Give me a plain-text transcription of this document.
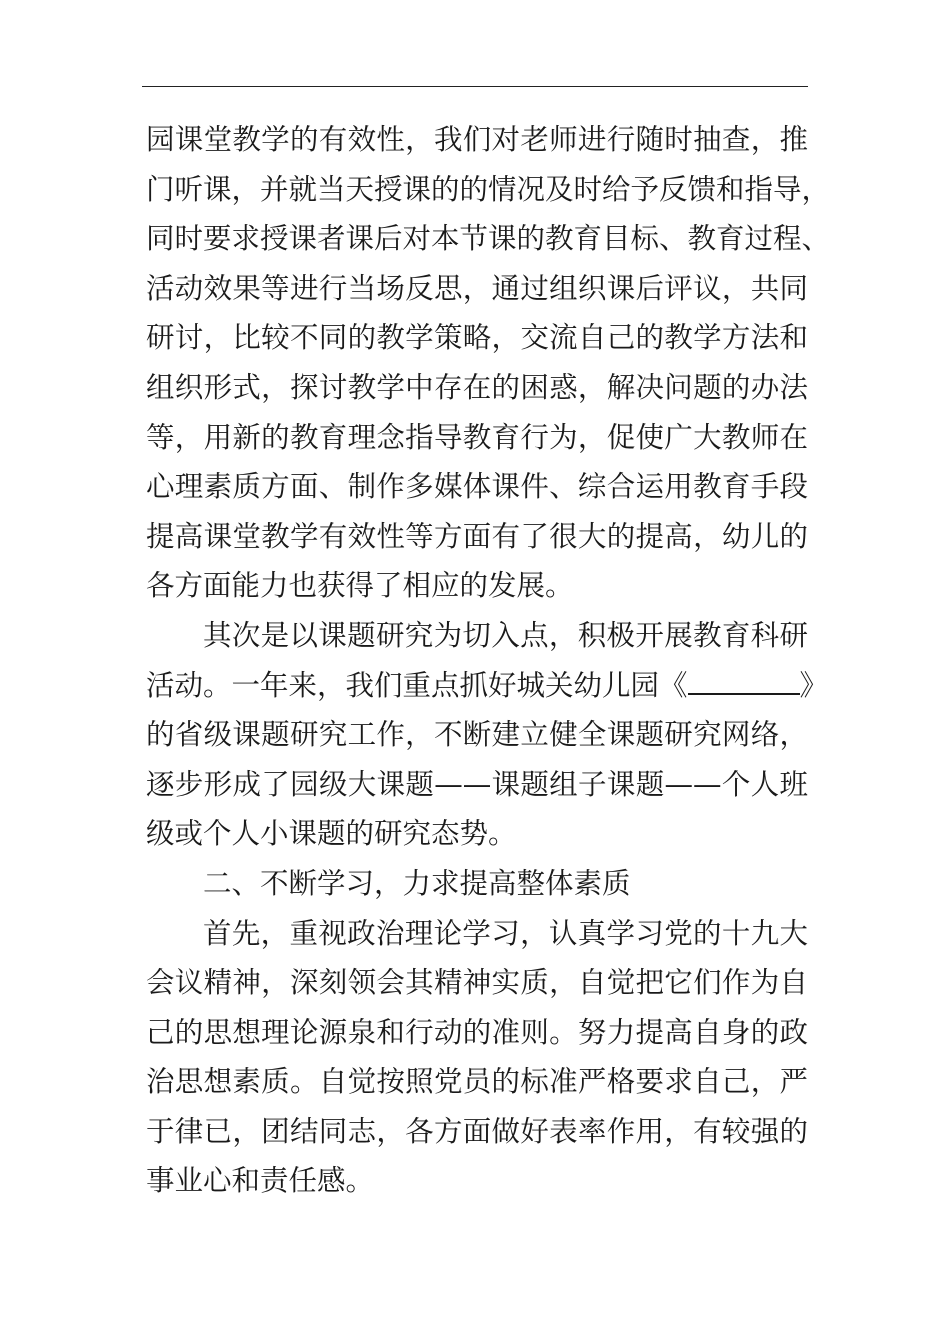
园课堂教学的有效性，我们对老师进行随时抽查，推
门听课，并就当天授课的的情况及时给予反馈和指导，
同时要求授课者课后对本节课的教育目标、教育过程、
活动效果等进行当场反思，通过组织课后评议，共同
研讨，比较不同的教学策略，交流自己的教学方法和
组织形式，探讨教学中存在的困惑，解决问题的办法
等，用新的教育理念指导教育行为，促使广大教师在
心理素质方面、制作多媒体课件、综合运用教育手段
提高课堂教学有效性等方面有了很大的提高，幼儿的
各方面能力也获得了相应的发展。
其次是以课题研究为切入点，积极开展教育科研
活动。一年来，我们重点抓好城关幼儿园《	》
的省级课题研究工作，不断建立健全课题研究网络，
逐步形成了园级大课题——课题组子课题——个人班
级或个人小课题的研究态势。
二、不断学习，力求提高整体素质
首先，重视政治理论学习，认真学习党的十九大
会议精神，深刻领会其精神实质，自觉把它们作为自
己的思想理论源泉和行动的准则。努力提高自身的政
治思想素质。自觉按照党员的标准严格要求自己，严
于律已，团结同志，各方面做好表率作用，有较强的
事业心和责任感。
